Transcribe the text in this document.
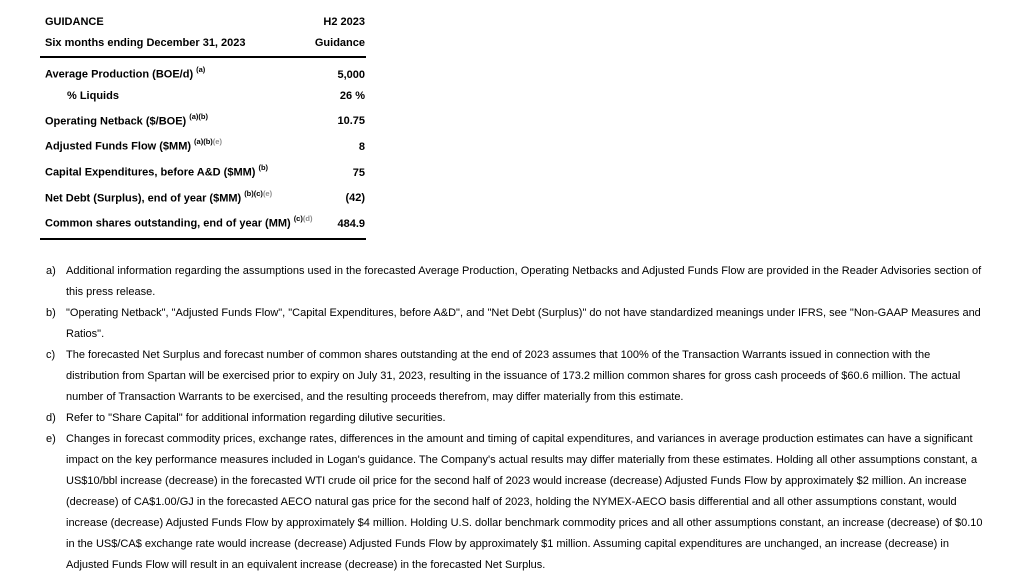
GUIDANCE	H2 2023
Six months ending December 31, 2023	Guidance
Average Production (BOE/d) $^{(a)}$	5,000
% Liquids	26 %
Operating Netback ($/BOE) $^{(a)(b)}$	10.75
Adjusted Funds Flow ($MM) $^{(a)(b)(e)}$	8
Capital Expenditures, before A&D ($MM) $^{(b)}$	75
Net Debt (Surplus), end of year ($MM) $^{(b)(c)(e)}$	(42)
Common shares outstanding, end of year (MM) $^{(c)(d)}$ 484.9
a) Additional information regarding the assumptions used in the forecasted Average Production, Operating Netbacks and Adjusted Funds Flow are provided in the Reader Advisories section of this press release.
b) "Operating Netback", "Adjusted Funds Flow", "Capital Expenditures, before A&D", and "Net Debt (Surplus)" do not have standardized meanings under IFRS, see "Non-GAAP Measures and Ratios".
c) The forecasted Net Surplus and forecast number of common shares outstanding at the end of 2023 assumes that 100% of the Transaction Warrants issued in connection with the distribution from Spartan will be exercised prior to expiry on July 31, 2023, resulting in the issuance of 173.2 million common shares for gross cash proceeds of $60.6 million. The actual number of Transaction Warrants to be exercised, and the resulting proceeds therefrom, may differ materially from this estimate.
d) Refer to "Share Capital" for additional information regarding dilutive securities.
e) Changes in forecast commodity prices, exchange rates, differences in the amount and timing of capital expenditures, and variances in average production estimates can have a significant impact on the key performance measures included in Logan's guidance. The Company's actual results may differ materially from these estimates. Holding all other assumptions constant, a US$10/bbl increase (decrease) in the forecasted WTI crude oil price for the second half of 2023 would increase (decrease) Adjusted Funds Flow by approximately $2 million. An increase (decrease) of CA$1.00/GJ in the forecasted AECO natural gas price for the second half of 2023, holding the NYMEX-AECO basis differential and all other assumptions constant, would increase (decrease) Adjusted Funds Flow by approximately $4 million. Holding U.S. dollar benchmark commodity prices and all other assumptions constant, an increase (decrease) of $0.10 in the US$/CA$ exchange rate would increase (decrease) Adjusted Funds Flow by approximately $1 million. Assuming capital expenditures are unchanged, an increase (decrease) in Adjusted Funds Flow will result in an equivalent increase (decrease) in the forecasted Net Surplus.
